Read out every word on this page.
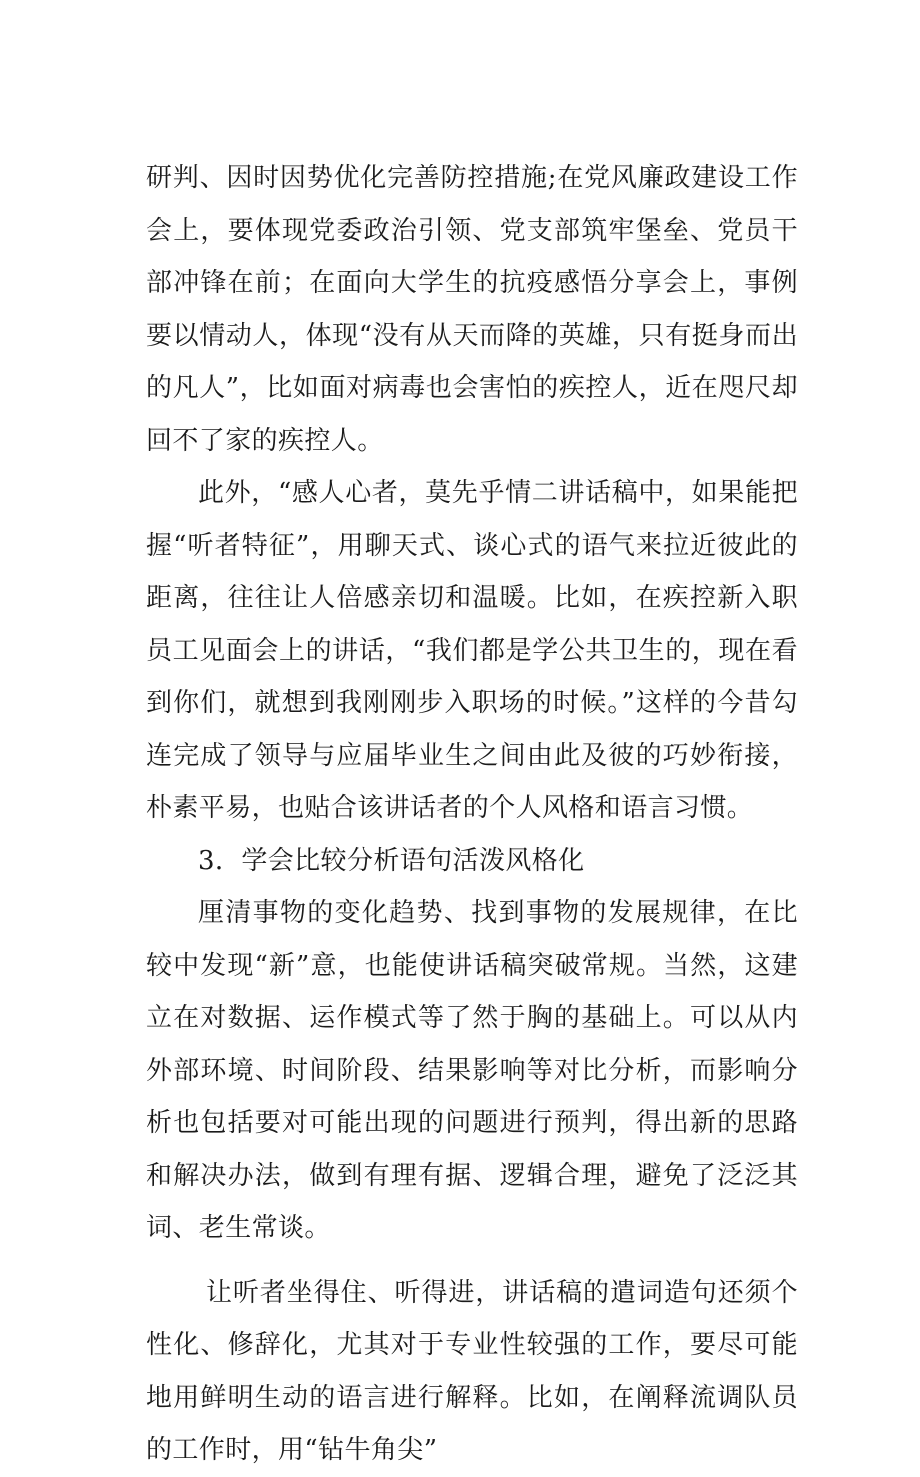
研判、因时因势优化完善防控措施;在党风廉政建设工作会上，要体现党委政治引领、党支部筑牢堡垒、党员干部冲锋在前；在面向大学生的抗疫感悟分享会上，事例要以情动人，体现“没有从天而降的英雄，只有挺身而出的凡人”，比如面对病毒也会害怕的疾控人，近在咫尺却回不了家的疾控人。

此外，“感人心者，莫先乎情二讲话稿中，如果能把握“听者特征”，用聊天式、谈心式的语气来拉近彼此的距离，往往让人倍感亲切和温暖。比如，在疾控新入职员工见面会上的讲话，“我们都是学公共卫生的，现在看到你们，就想到我刚刚步入职场的时候。”这样的今昔勾连完成了领导与应届毕业生之间由此及彼的巧妙衔接，朴素平易，也贴合该讲话者的个人风格和语言习惯。

3．学会比较分析语句活泼风格化

厘清事物的变化趋势、找到事物的发展规律，在比较中发现“新”意，也能使讲话稿突破常规。当然，这建立在对数据、运作模式等了然于胸的基础上。可以从内外部环境、时间阶段、结果影响等对比分析，而影响分析也包括要对可能出现的问题进行预判，得出新的思路和解决办法，做到有理有据、逻辑合理，避免了泛泛其词、老生常谈。

让听者坐得住、听得进，讲话稿的遣词造句还须个性化、修辞化，尤其对于专业性较强的工作，要尽可能地用鲜明生动的语言进行解释。比如，在阐释流调队员的工作时，用“钻牛角尖”
